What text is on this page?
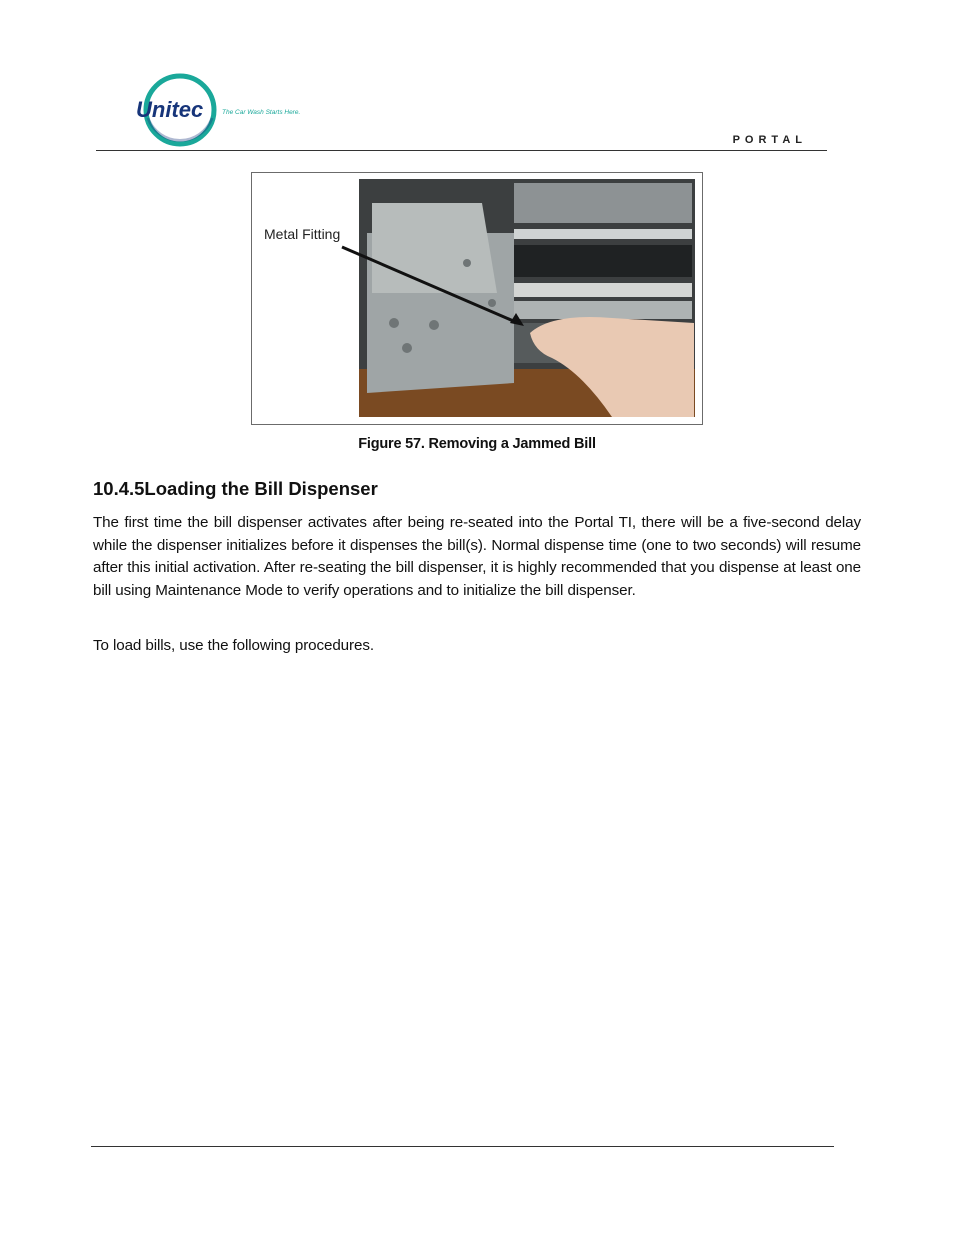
Unitec	The Car Wash Starts Here.
PORTAL
Metal Fitting
Figure 57. Removing a Jammed Bill
10.4.5Loading the Bill Dispenser
The first time the bill dispenser activates after being re-seated into the Portal TI, there will be a five-second delay while the dispenser initializes before it dispenses the bill(s). Normal dispense time (one to two seconds) will resume after this initial activation. After re-seating the bill dispenser, it is highly recommended that you dispense at least one bill using Maintenance Mode to verify operations and to initialize the bill dispenser.
To load bills, use the following procedures.
